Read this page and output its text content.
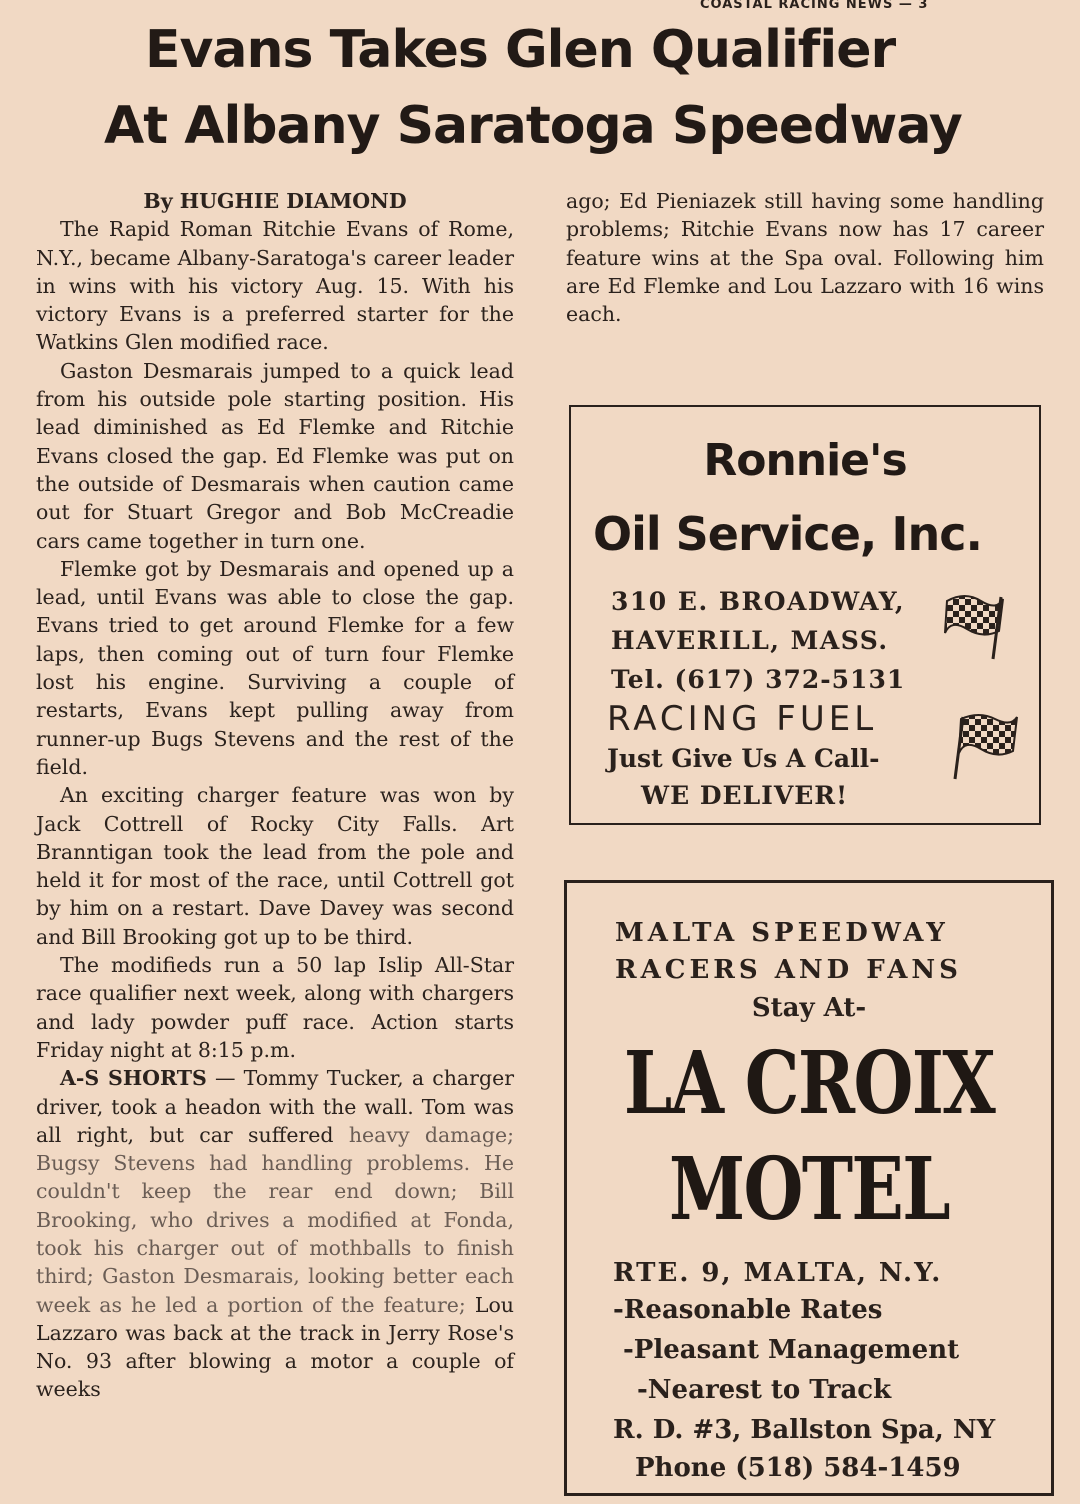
COASTAL RACING NEWS — 3
Evans Takes Glen Qualifier
At Albany Saratoga Speedway

By HUGHIE DIAMOND

The Rapid Roman Ritchie Evans of Rome, N.Y., became Albany-Saratoga's career leader in wins with his victory Aug. 15. With his victory Evans is a preferred starter for the Watkins Glen modified race.

Gaston Desmarais jumped to a quick lead from his outside pole starting position. His lead diminished as Ed Flemke and Ritchie Evans closed the gap. Ed Flemke was put on the outside of Desmarais when caution came out for Stuart Gregor and Bob McCreadie cars came together in turn one.

Flemke got by Desmarais and opened up a lead, until Evans was able to close the gap. Evans tried to get around Flemke for a few laps, then coming out of turn four Flemke lost his engine. Surviving a couple of restarts, Evans kept pulling away from runner-up Bugs Stevens and the rest of the field.

An exciting charger feature was won by Jack Cottrell of Rocky City Falls. Art Branntigan took the lead from the pole and held it for most of the race, until Cottrell got by him on a restart. Dave Davey was second and Bill Brooking got up to be third.

The modifieds run a 50 lap Islip All-Star race qualifier next week, along with chargers and lady powder puff race. Action starts Friday night at 8:15 p.m.

A-S SHORTS — Tommy Tucker, a charger driver, took a headon with the wall. Tom was all right, but car suffered heavy damage; Bugsy Stevens had handling problems. He couldn't keep the rear end down; Bill Brooking, who drives a modified at Fonda, took his charger out of mothballs to finish third; Gaston Desmarais, looking better each week as he led a portion of the feature; Lou Lazzaro was back at the track in Jerry Rose's No. 93 after blowing a motor a couple of weeks

ago; Ed Pieniazek still having some handling problems; Ritchie Evans now has 17 career feature wins at the Spa oval. Following him are Ed Flemke and Lou Lazzaro with 16 wins each.

Ronnie's
Oil Service, Inc.
310 E. BROADWAY,
HAVERILL, MASS.
Tel. (617) 372-5131
RACING FUEL
Just Give Us A Call-
WE DELIVER!
MALTA SPEEDWAY
RACERS AND FANS
Stay At-
LA CROIX
MOTEL
RTE. 9, MALTA, N.Y.
-Reasonable Rates
-Pleasant Management
-Nearest to Track
R. D. #3, Ballston Spa, NY
Phone (518) 584-1459
